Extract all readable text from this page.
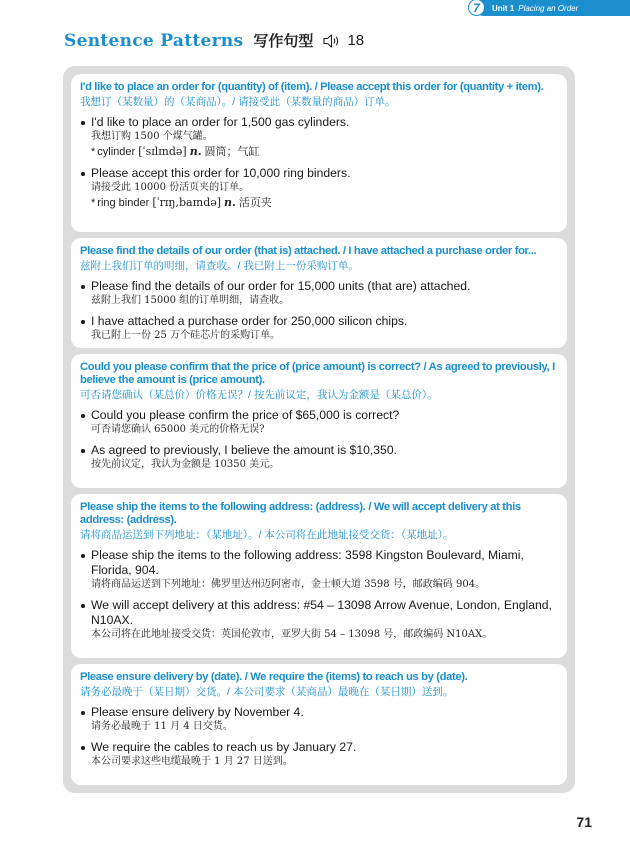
7	Unit 1 Placing an Order
Sentence Patterns 写作句型 18
I'd like to place an order for (quantity) of (item). / Please accept this order for (quantity + item).
我想订（某数量）的（某商品）。/ 请接受此（某数量的商品）订单。
I'd like to place an order for 1,500 gas cylinders.
我想订购 1500 个煤气罐。
* cylinder [ˈsɪlɪndə] n. 圆筒；气缸
Please accept this order for 10,000 ring binders.
请接受此 10000 份活页夹的订单。
* ring binder [ˈrɪŋ,baɪndə] n. 活页夹
Please find the details of our order (that is) attached. / I have attached a purchase order for...
兹附上我们订单的明细，请查收。/ 我已附上一份采购订单。
Please find the details of our order for 15,000 units (that are) attached.
兹附上我们 15000 组的订单明细，请查收。
I have attached a purchase order for 250,000 silicon chips.
我已附上一份 25 万个硅芯片的采购订单。
Could you please confirm that the price of (price amount) is correct? / As agreed to previously, I believe the amount is (price amount).
可否请您确认（某总价）价格无误？/ 按先前议定，我认为金额是（某总价）。
Could you please confirm the price of $65,000 is correct?
可否请您确认 65000 美元的价格无误?
As agreed to previously, I believe the amount is $10,350.
按先前议定，我认为金额是 10350 美元。
Please ship the items to the following address: (address). / We will accept delivery at this address: (address).
请将商品运送到下列地址：（某地址）。/ 本公司将在此地址接受交货：（某地址）。
Please ship the items to the following address: 3598 Kingston Boulevard, Miami, Florida, 904.
请将商品运送到下列地址：佛罗里达州迈阿密市，金士顿大道 3598 号，邮政编码 904。
We will accept delivery at this address: #54 – 13098 Arrow Avenue, London, England, N10AX.
本公司将在此地址接受交货：英国伦敦市，亚罗大街 54 – 13098 号，邮政编码 N10AX。
Please ensure delivery by (date). / We require the (items) to reach us by (date).
请务必最晚于（某日期）交货。/ 本公司要求（某商品）最晚在（某日期）送到。
Please ensure delivery by November 4.
请务必最晚于 11 月 4 日交货。
We require the cables to reach us by January 27.
本公司要求这些电缆最晚于 1 月 27 日送到。
71
